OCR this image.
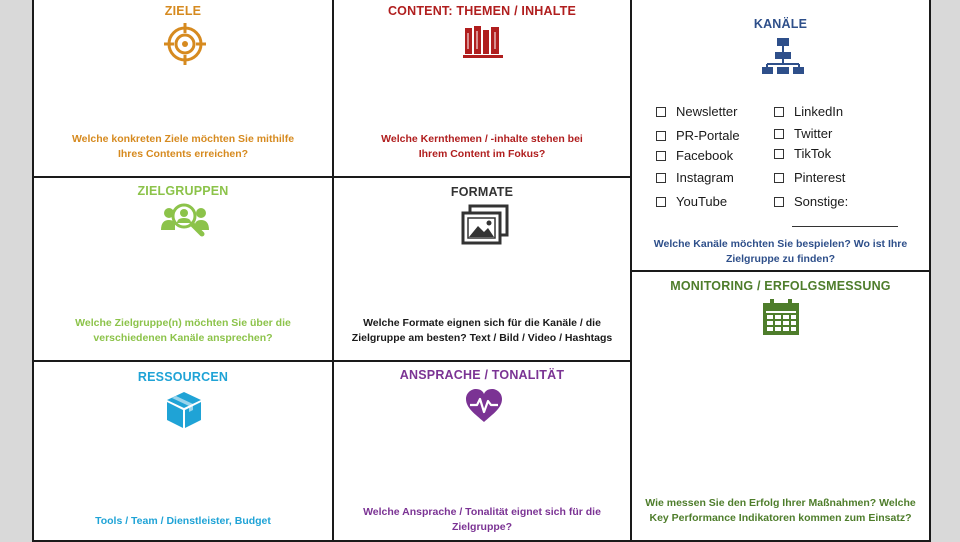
ZIELE
Welche konkreten Ziele möchten Sie mithilfe Ihres Contents erreichen?
CONTENT: THEMEN / INHALTE
Welche Kernthemen / -inhalte stehen bei Ihrem Content im Fokus?
KANÄLE
Newsletter
PR-Portale
Facebook
Instagram
YouTube
LinkedIn
Twitter
TikTok
Pinterest
Sonstige:
Welche Kanäle möchten Sie bespielen? Wo ist Ihre Zielgruppe zu finden?
ZIELGRUPPEN
Welche Zielgruppe(n) möchten Sie über die verschiedenen Kanäle ansprechen?
FORMATE
Welche Formate eignen sich für die Kanäle / die Zielgruppe am besten? Text / Bild / Video / Hashtags
MONITORING / ERFOLGSMESSUNG
Wie messen Sie den Erfolg Ihrer Maßnahmen? Welche Key Performance Indikatoren kommen zum Einsatz?
RESSOURCEN
Tools / Team / Dienstleister, Budget
ANSPRACHE / TONALITÄT
Welche Ansprache / Tonalität eignet sich für die Zielgruppe?
